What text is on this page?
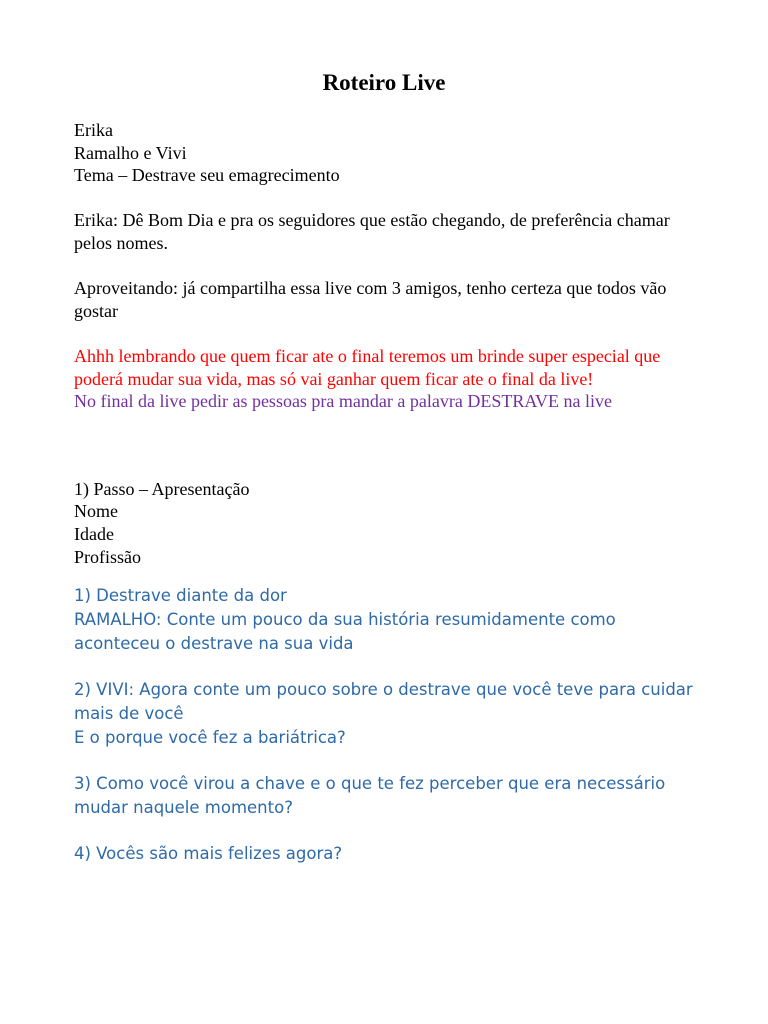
Roteiro Live
Erika
Ramalho e Vivi
Tema – Destrave seu emagrecimento

Erika: Dê Bom Dia e pra os seguidores que estão chegando, de preferência chamar pelos nomes.

Aproveitando: já compartilha essa live com 3 amigos, tenho certeza que todos vão gostar

Ahhh lembrando que quem ficar ate o final teremos um brinde super especial que poderá mudar sua vida, mas só vai ganhar quem ficar ate o final da live!

No final da live pedir as pessoas pra mandar a palavra DESTRAVE na live

1) Passo – Apresentação
Nome
Idade
Profissão
1) Destrave diante da dor
RAMALHO: Conte um pouco da sua história resumidamente como aconteceu o destrave na sua vida
2) VIVI: Agora conte um pouco sobre o destrave que você teve para cuidar mais de você
E o porque você fez a bariátrica?
3) Como você virou a chave e o que te fez perceber que era necessário mudar naquele momento?
4) Vocês são mais felizes agora?
